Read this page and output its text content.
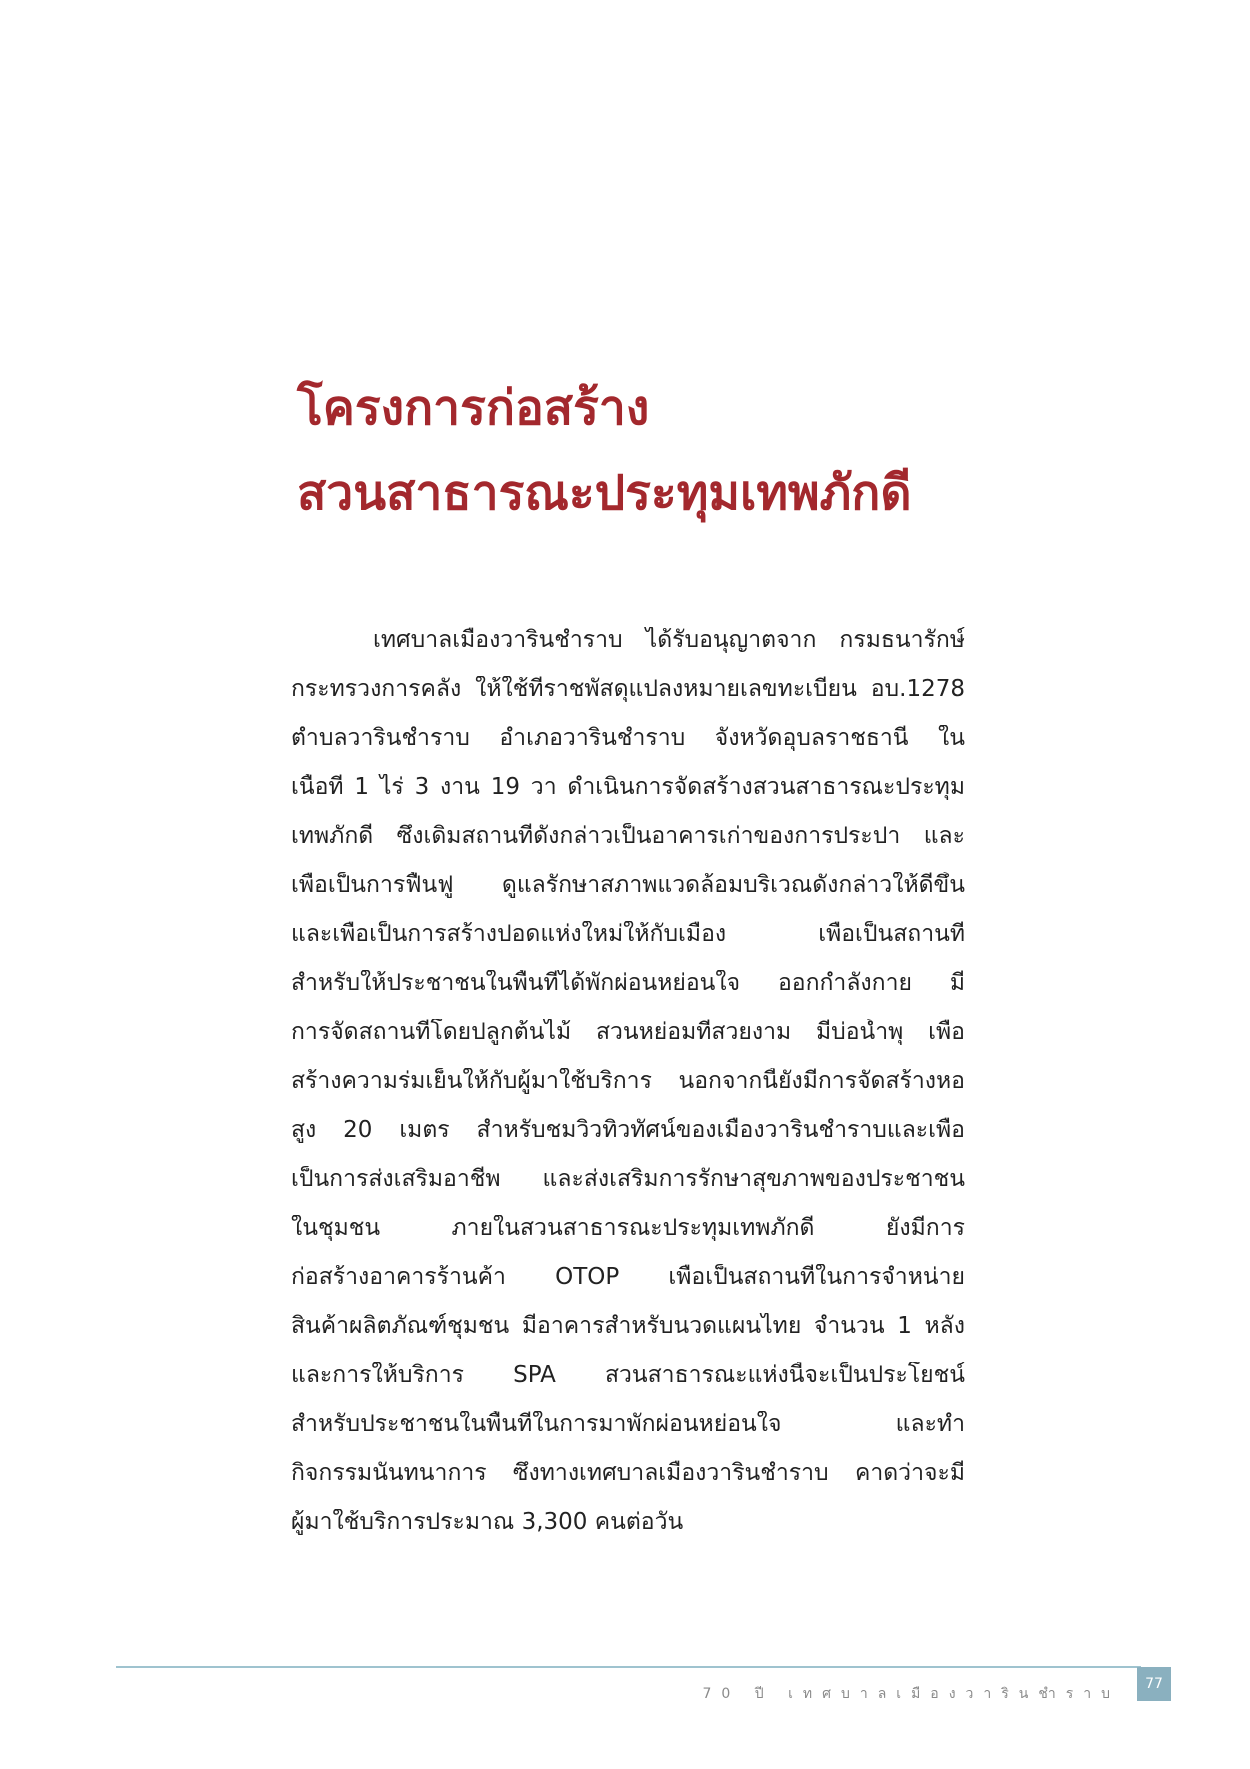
โครงการก่อสร้าง
สวนสาธารณะประทุมเทพภักดี

เทศบาลเมืองวารินชำราบ ได้รับอนุญาตจาก กรมธนารักษ์

กระทรวงการคลัง ให้ใช้ที่ราชพัสดุแปลงหมายเลขทะเบียน อบ.1278

ตำบลวารินชำราบ อำเภอวารินชำราบ จังหวัดอุบลราชธานี ใน

เนื้อที่ 1 ไร่ 3 งาน 19 วา ดำเนินการจัดสร้างสวนสาธารณะประทุม

เทพภักดี ซึ่งเดิมสถานที่ดังกล่าวเป็นอาคารเก่าของการประปา และ

เพื่อเป็นการฟื้นฟู ดูแลรักษาสภาพแวดล้อมบริเวณดังกล่าวให้ดีขึ้น

และเพื่อเป็นการสร้างปอดแห่งใหม่ให้กับเมือง เพื่อเป็นสถานที่

สำหรับให้ประชาชนในพื้นที่ได้พักผ่อนหย่อนใจ ออกกำลังกาย มี

การจัดสถานที่โดยปลูกต้นไม้ สวนหย่อมที่สวยงาม มีบ่อน้ำพุ เพื่อ

สร้างความร่มเย็นให้กับผู้มาใช้บริการ นอกจากนี้ยังมีการจัดสร้างหอ

สูง 20 เมตร สำหรับชมวิวทิวทัศน์ของเมืองวารินชำราบและเพื่อ

เป็นการส่งเสริมอาชีพ และส่งเสริมการรักษาสุขภาพของประชาชน

ในชุมชน ภายในสวนสาธารณะประทุมเทพภักดี ยังมีการ

ก่อสร้างอาคารร้านค้า OTOP เพื่อเป็นสถานที่ในการจำหน่าย

สินค้าผลิตภัณฑ์ชุมชน มีอาคารสำหรับนวดแผนไทย จำนวน 1 หลัง

และการให้บริการ SPA สวนสาธารณะแห่งนี้จะเป็นประโยชน์

สำหรับประชาชนในพื้นที่ในการมาพักผ่อนหย่อนใจ และทำ

กิจกรรมนันทนาการ ซึ่งทางเทศบาลเมืองวารินชำราบ คาดว่าจะมี

ผู้มาใช้บริการประมาณ 3,300 คนต่อวัน

70 ปี เทศบาลเมืองวารินชำราบ
77
